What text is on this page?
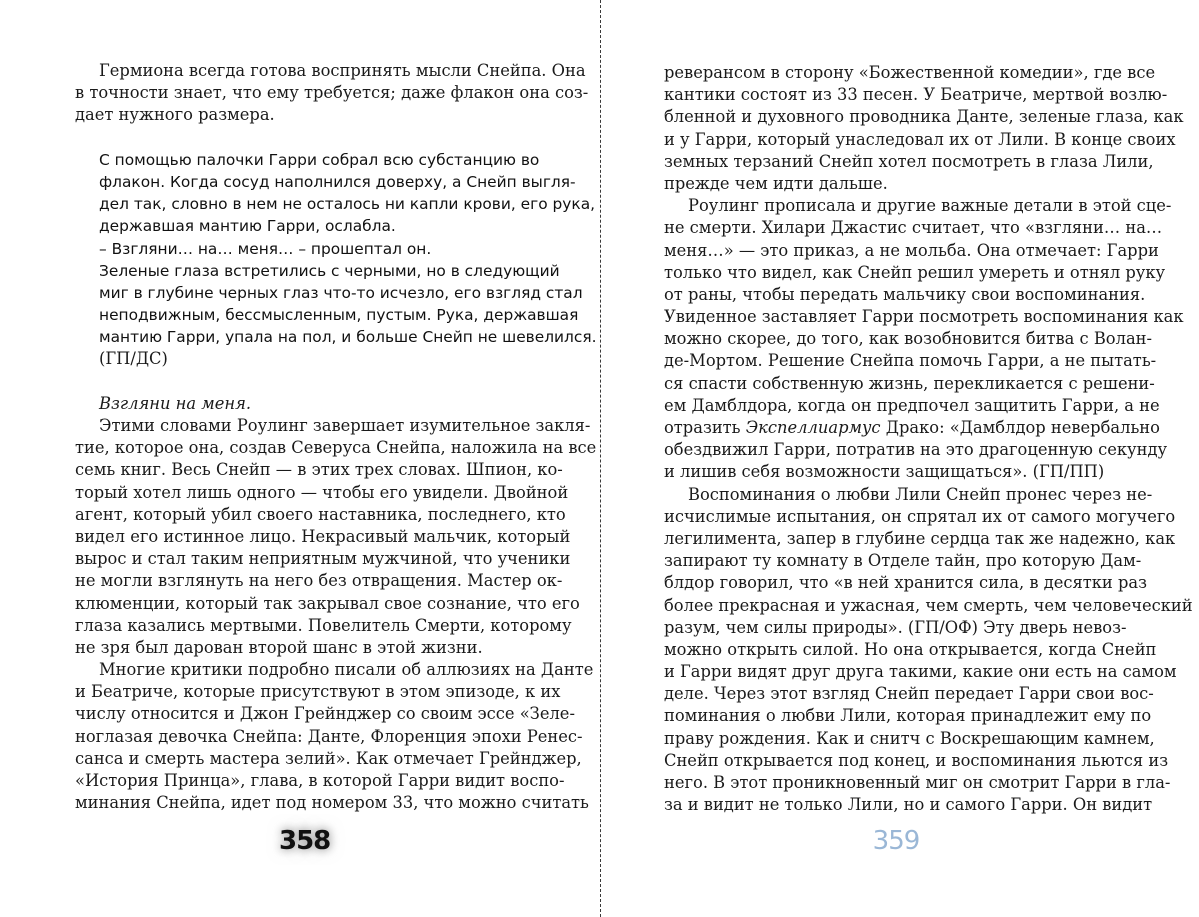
Гермиона всегда готова воспринять мысли Снейпа. Она
в точности знает, что ему требуется; даже флакон она соз-
дает нужного размера.
С помощью палочки Гарри собрал всю субстанцию во
флакон. Когда сосуд наполнился доверху, а Снейп выгля-
дел так, словно в нем не осталось ни капли крови, его рука,
державшая мантию Гарри, ослабла.
– Взгляни… на… меня… – прошептал он.
Зеленые глаза встретились с черными, но в следующий
миг в глубине черных глаз что-то исчезло, его взгляд стал
неподвижным, бессмысленным, пустым. Рука, державшая
мантию Гарри, упала на пол, и больше Снейп не шевелился.
(ГП/ДС)
Взгляни на меня.
Этими словами Роулинг завершает изумительное закля-
тие, которое она, создав Северуса Снейпа, наложила на все
семь книг. Весь Снейп — в этих трех словах. Шпион, ко-
торый хотел лишь одного — чтобы его увидели. Двойной
агент, который убил своего наставника, последнего, кто
видел его истинное лицо. Некрасивый мальчик, который
вырос и стал таким неприятным мужчиной, что ученики
не могли взглянуть на него без отвращения. Мастер ок-
клюменции, который так закрывал свое сознание, что его
глаза казались мертвыми. Повелитель Смерти, которому
не зря был дарован второй шанс в этой жизни.
Многие критики подробно писали об аллюзиях на Данте
и Беатриче, которые присутствуют в этом эпизоде, к их
числу относится и Джон Грейнджер со своим эссе «Зеле-
ноглазая девочка Снейпа: Данте, Флоренция эпохи Ренес-
санса и смерть мастера зелий». Как отмечает Грейнджер,
«История Принца», глава, в которой Гарри видит воспо-
минания Снейпа, идет под номером 33, что можно считать
358
реверансом в сторону «Божественной комедии», где все
кантики состоят из 33 песен. У Беатриче, мертвой возлю-
бленной и духовного проводника Данте, зеленые глаза, как
и у Гарри, который унаследовал их от Лили. В конце своих
земных терзаний Снейп хотел посмотреть в глаза Лили,
прежде чем идти дальше.
Роулинг прописала и другие важные детали в этой сце-
не смерти. Хилари Джастис считает, что «взгляни… на…
меня…» — это приказ, а не мольба. Она отмечает: Гарри
только что видел, как Снейп решил умереть и отнял руку
от раны, чтобы передать мальчику свои воспоминания.
Увиденное заставляет Гарри посмотреть воспоминания как
можно скорее, до того, как возобновится битва с Волан-
де-Мортом. Решение Снейпа помочь Гарри, а не пытать-
ся спасти собственную жизнь, перекликается с решени-
ем Дамблдора, когда он предпочел защитить Гарри, а не
отразить Экспеллиармус Драко: «Дамблдор невербально
обездвижил Гарри, потратив на это драгоценную секунду
и лишив себя возможности защищаться». (ГП/ПП)
Воспоминания о любви Лили Снейп пронес через не-
исчислимые испытания, он спрятал их от самого могучего
легилимента, запер в глубине сердца так же надежно, как
запирают ту комнату в Отделе тайн, про которую Дам-
блдор говорил, что «в ней хранится сила, в десятки раз
более прекрасная и ужасная, чем смерть, чем человеческий
разум, чем силы природы». (ГП/ОФ) Эту дверь невоз-
можно открыть силой. Но она открывается, когда Снейп
и Гарри видят друг друга такими, какие они есть на самом
деле. Через этот взгляд Снейп передает Гарри свои вос-
поминания о любви Лили, которая принадлежит ему по
праву рождения. Как и снитч с Воскрешающим камнем,
Снейп открывается под конец, и воспоминания льются из
него. В этот проникновенный миг он смотрит Гарри в гла-
за и видит не только Лили, но и самого Гарри. Он видит
359
